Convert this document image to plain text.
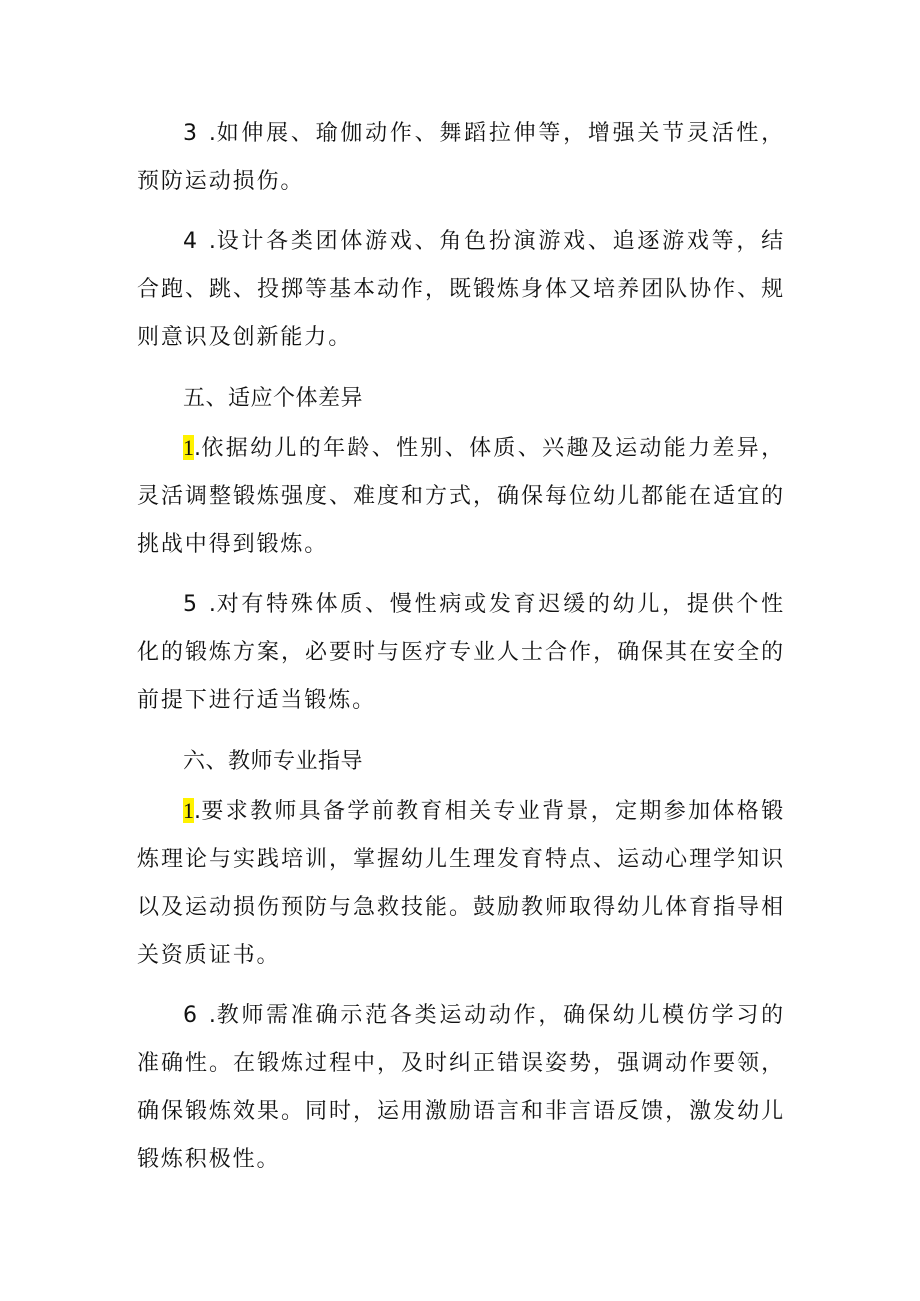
3 .如伸展、瑜伽动作、舞蹈拉伸等，增强关节灵活性，预防运动损伤。

4 .设计各类团体游戏、角色扮演游戏、追逐游戏等，结合跑、跳、投掷等基本动作，既锻炼身体又培养团队协作、规则意识及创新能力。

五、适应个体差异

1.依据幼儿的年龄、性别、体质、兴趣及运动能力差异，灵活调整锻炼强度、难度和方式，确保每位幼儿都能在适宜的挑战中得到锻炼。

5 .对有特殊体质、慢性病或发育迟缓的幼儿，提供个性化的锻炼方案，必要时与医疗专业人士合作，确保其在安全的前提下进行适当锻炼。

六、教师专业指导

1.要求教师具备学前教育相关专业背景，定期参加体格锻炼理论与实践培训，掌握幼儿生理发育特点、运动心理学知识以及运动损伤预防与急救技能。鼓励教师取得幼儿体育指导相关资质证书。

6 .教师需准确示范各类运动动作，确保幼儿模仿学习的准确性。在锻炼过程中，及时纠正错误姿势，强调动作要领，确保锻炼效果。同时，运用激励语言和非言语反馈，激发幼儿锻炼积极性。
